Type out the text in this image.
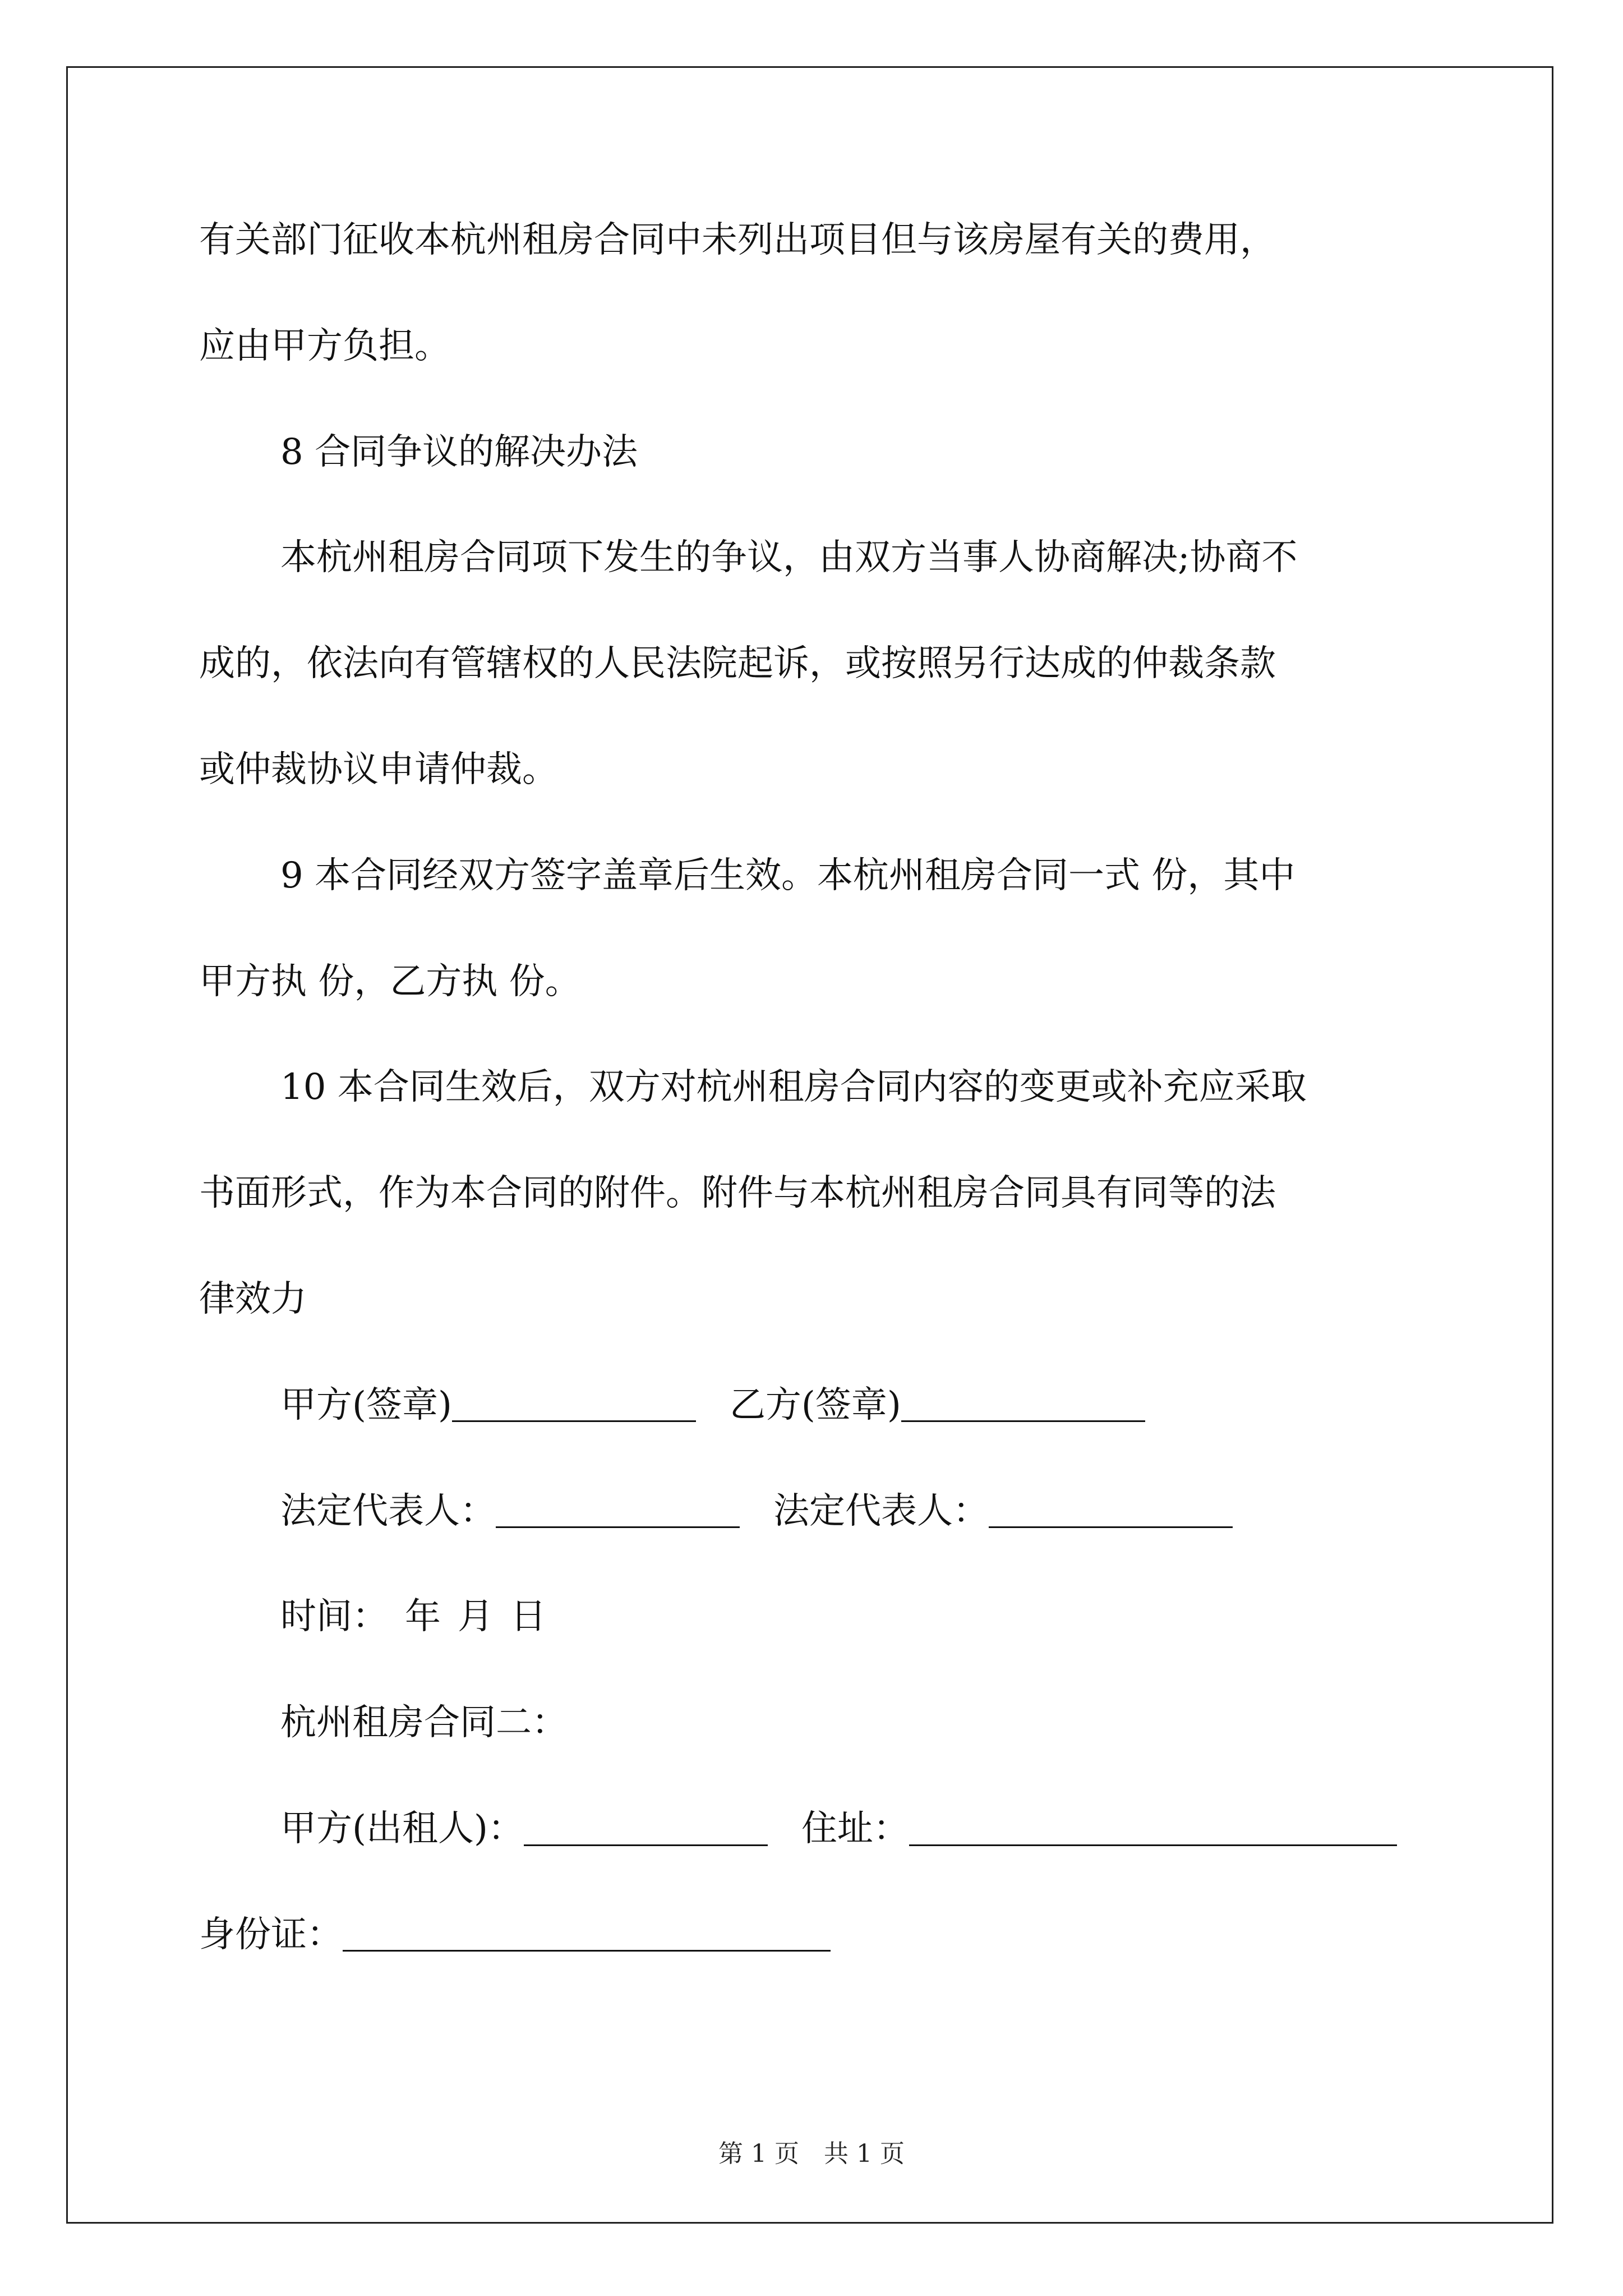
有关部门征收本杭州租房合同中未列出项目但与该房屋有关的费用，
应由甲方负担。
8 合同争议的解决办法
本杭州租房合同项下发生的争议，由双方当事人协商解决;协商不
成的，依法向有管辖权的人民法院起诉，或按照另行达成的仲裁条款
或仲裁协议申请仲裁。
9 本合同经双方签字盖章后生效。本杭州租房合同一式 份，其中
甲方执 份，乙方执 份。
10 本合同生效后，双方对杭州租房合同内容的变更或补充应采取
书面形式，作为本合同的附件。附件与本杭州租房合同具有同等的法
律效力
甲方(签章)	乙方(签章)
法定代表人：	法定代表人：
时间： 年 月 日
杭州租房合同二：
甲方(出租人)：	住址：
身份证：
第 1 页　共 1 页
